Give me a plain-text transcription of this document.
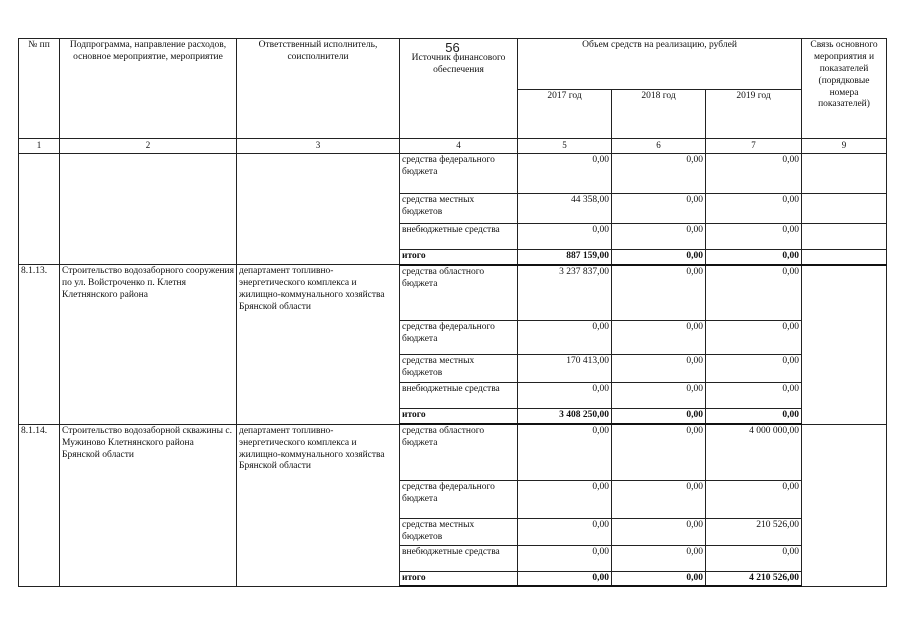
56
№ пп	Подпрограмма, направление расходов, основное мероприятие, мероприятие	Ответственный исполнитель, соисполнители	Источник финансового обеспечения	Объем средств на реализацию, рублей			Связь основного мероприятия и показателей (порядковые номера показателей)
				2017 год	2018 год	2019 год	
1	2	3	4	5	6	7	9
			средства федерального бюджета	0,00	0,00	0,00	
			средства местных бюджетов	44 358,00	0,00	0,00	
			внебюджетные средства	0,00	0,00	0,00	
			итого	887 159,00	0,00	0,00	
8.1.13.	Строительство водозаборного сооружения по ул. Войстроченко п. Клетня Клетнянского района	департамент топливно-энергетического комплекса и жилищно-коммунального хозяйства Брянской области	средства областного бюджета	3 237 837,00	0,00	0,00	
			средства федерального бюджета	0,00	0,00	0,00	
			средства местных бюджетов	170 413,00	0,00	0,00	
			внебюджетные средства	0,00	0,00	0,00	
			итого	3 408 250,00	0,00	0,00	
8.1.14.	Строительство водозаборной скважины с. Мужиново Клетнянского района Брянской области	департамент топливно-энергетического комплекса и жилищно-коммунального хозяйства Брянской области	средства областного бюджета	0,00	0,00	4 000 000,00	
			средства федерального бюджета	0,00	0,00	0,00	
			средства местных бюджетов	0,00	0,00	210 526,00	
			внебюджетные средства	0,00	0,00	0,00	
			итого	0,00	0,00	4 210 526,00	
